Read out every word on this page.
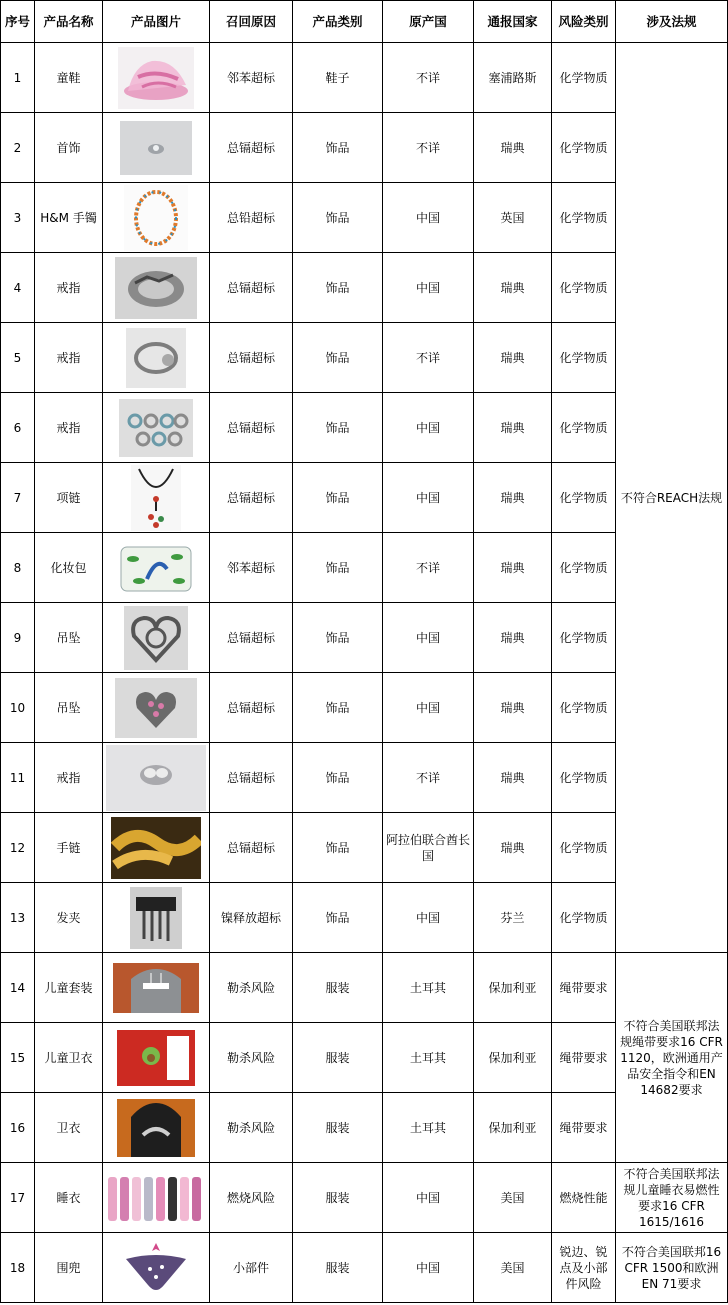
序号	产品名称	产品图片	召回原因	产品类别	原产国	通报国家	风险类别	涉及法规
1	童鞋		邻苯超标	鞋子	不详	塞浦路斯	化学物质	不符合REACH法规
2	首饰		总镉超标	饰品	不详	瑞典	化学物质	
3	H&M 手镯		总铅超标	饰品	中国	英国	化学物质	
4	戒指		总镉超标	饰品	中国	瑞典	化学物质	
5	戒指		总镉超标	饰品	不详	瑞典	化学物质	
6	戒指		总镉超标	饰品	中国	瑞典	化学物质	
7	项链		总镉超标	饰品	中国	瑞典	化学物质	
8	化妆包		邻苯超标	饰品	不详	瑞典	化学物质	
9	吊坠		总镉超标	饰品	中国	瑞典	化学物质	
10	吊坠		总镉超标	饰品	中国	瑞典	化学物质	
11	戒指		总镉超标	饰品	不详	瑞典	化学物质	
12	手链		总镉超标	饰品	阿拉伯联合酋长国	瑞典	化学物质	
13	发夹		镍释放超标	饰品	中国	芬兰	化学物质	
14	儿童套装		勒杀风险	服装	土耳其	保加利亚	绳带要求	不符合美国联邦法规绳带要求16 CFR 1120，欧洲通用产品安全指令和EN 14682要求
15	儿童卫衣		勒杀风险	服装	土耳其	保加利亚	绳带要求	
16	卫衣		勒杀风险	服装	土耳其	保加利亚	绳带要求	
17	睡衣		燃烧风险	服装	中国	美国	燃烧性能	不符合美国联邦法规儿童睡衣易燃性要求16 CFR 1615/1616
18	围兜		小部件	服装	中国	美国	锐边、锐点及小部件风险	不符合美国联邦16 CFR 1500和欧洲EN 71要求
